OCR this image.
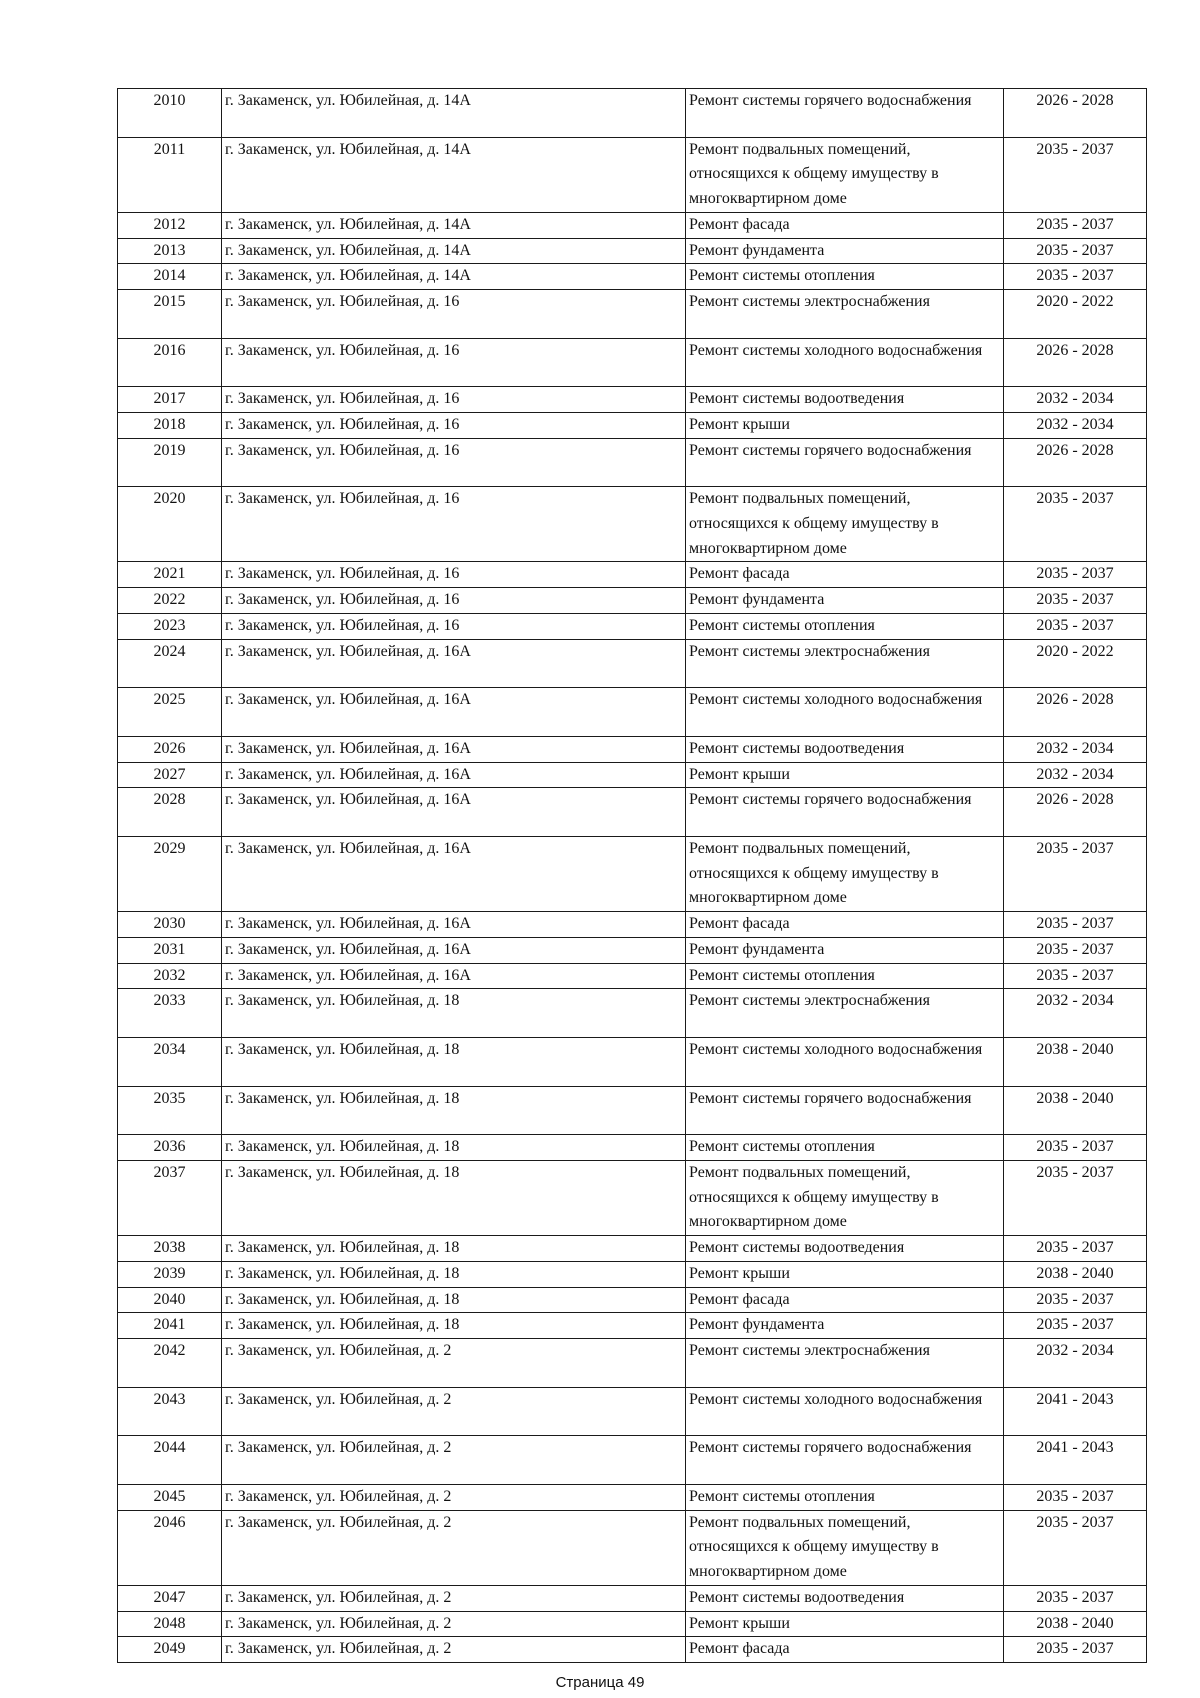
2010	г. Закаменск, ул. Юбилейная, д. 14А	Ремонт системы горячего водоснабжения	2026 - 2028
2011	г. Закаменск, ул. Юбилейная, д. 14А	Ремонт подвальных помещений, относящихся к общему имуществу в многоквартирном доме	2035 - 2037
2012	г. Закаменск, ул. Юбилейная, д. 14А	Ремонт фасада	2035 - 2037
2013	г. Закаменск, ул. Юбилейная, д. 14А	Ремонт фундамента	2035 - 2037
2014	г. Закаменск, ул. Юбилейная, д. 14А	Ремонт системы отопления	2035 - 2037
2015	г. Закаменск, ул. Юбилейная, д. 16	Ремонт системы электроснабжения	2020 - 2022
2016	г. Закаменск, ул. Юбилейная, д. 16	Ремонт системы холодного водоснабжения	2026 - 2028
2017	г. Закаменск, ул. Юбилейная, д. 16	Ремонт системы водоотведения	2032 - 2034
2018	г. Закаменск, ул. Юбилейная, д. 16	Ремонт крыши	2032 - 2034
2019	г. Закаменск, ул. Юбилейная, д. 16	Ремонт системы горячего водоснабжения	2026 - 2028
2020	г. Закаменск, ул. Юбилейная, д. 16	Ремонт подвальных помещений, относящихся к общему имуществу в многоквартирном доме	2035 - 2037
2021	г. Закаменск, ул. Юбилейная, д. 16	Ремонт фасада	2035 - 2037
2022	г. Закаменск, ул. Юбилейная, д. 16	Ремонт фундамента	2035 - 2037
2023	г. Закаменск, ул. Юбилейная, д. 16	Ремонт системы отопления	2035 - 2037
2024	г. Закаменск, ул. Юбилейная, д. 16А	Ремонт системы электроснабжения	2020 - 2022
2025	г. Закаменск, ул. Юбилейная, д. 16А	Ремонт системы холодного водоснабжения	2026 - 2028
2026	г. Закаменск, ул. Юбилейная, д. 16А	Ремонт системы водоотведения	2032 - 2034
2027	г. Закаменск, ул. Юбилейная, д. 16А	Ремонт крыши	2032 - 2034
2028	г. Закаменск, ул. Юбилейная, д. 16А	Ремонт системы горячего водоснабжения	2026 - 2028
2029	г. Закаменск, ул. Юбилейная, д. 16А	Ремонт подвальных помещений, относящихся к общему имуществу в многоквартирном доме	2035 - 2037
2030	г. Закаменск, ул. Юбилейная, д. 16А	Ремонт фасада	2035 - 2037
2031	г. Закаменск, ул. Юбилейная, д. 16А	Ремонт фундамента	2035 - 2037
2032	г. Закаменск, ул. Юбилейная, д. 16А	Ремонт системы отопления	2035 - 2037
2033	г. Закаменск, ул. Юбилейная, д. 18	Ремонт системы электроснабжения	2032 - 2034
2034	г. Закаменск, ул. Юбилейная, д. 18	Ремонт системы холодного водоснабжения	2038 - 2040
2035	г. Закаменск, ул. Юбилейная, д. 18	Ремонт системы горячего водоснабжения	2038 - 2040
2036	г. Закаменск, ул. Юбилейная, д. 18	Ремонт системы отопления	2035 - 2037
2037	г. Закаменск, ул. Юбилейная, д. 18	Ремонт подвальных помещений, относящихся к общему имуществу в многоквартирном доме	2035 - 2037
2038	г. Закаменск, ул. Юбилейная, д. 18	Ремонт системы водоотведения	2035 - 2037
2039	г. Закаменск, ул. Юбилейная, д. 18	Ремонт крыши	2038 - 2040
2040	г. Закаменск, ул. Юбилейная, д. 18	Ремонт фасада	2035 - 2037
2041	г. Закаменск, ул. Юбилейная, д. 18	Ремонт фундамента	2035 - 2037
2042	г. Закаменск, ул. Юбилейная, д. 2	Ремонт системы электроснабжения	2032 - 2034
2043	г. Закаменск, ул. Юбилейная, д. 2	Ремонт системы холодного водоснабжения	2041 - 2043
2044	г. Закаменск, ул. Юбилейная, д. 2	Ремонт системы горячего водоснабжения	2041 - 2043
2045	г. Закаменск, ул. Юбилейная, д. 2	Ремонт системы отопления	2035 - 2037
2046	г. Закаменск, ул. Юбилейная, д. 2	Ремонт подвальных помещений, относящихся к общему имуществу в многоквартирном доме	2035 - 2037
2047	г. Закаменск, ул. Юбилейная, д. 2	Ремонт системы водоотведения	2035 - 2037
2048	г. Закаменск, ул. Юбилейная, д. 2	Ремонт крыши	2038 - 2040
2049	г. Закаменск, ул. Юбилейная, д. 2	Ремонт фасада	2035 - 2037
Страница 49
